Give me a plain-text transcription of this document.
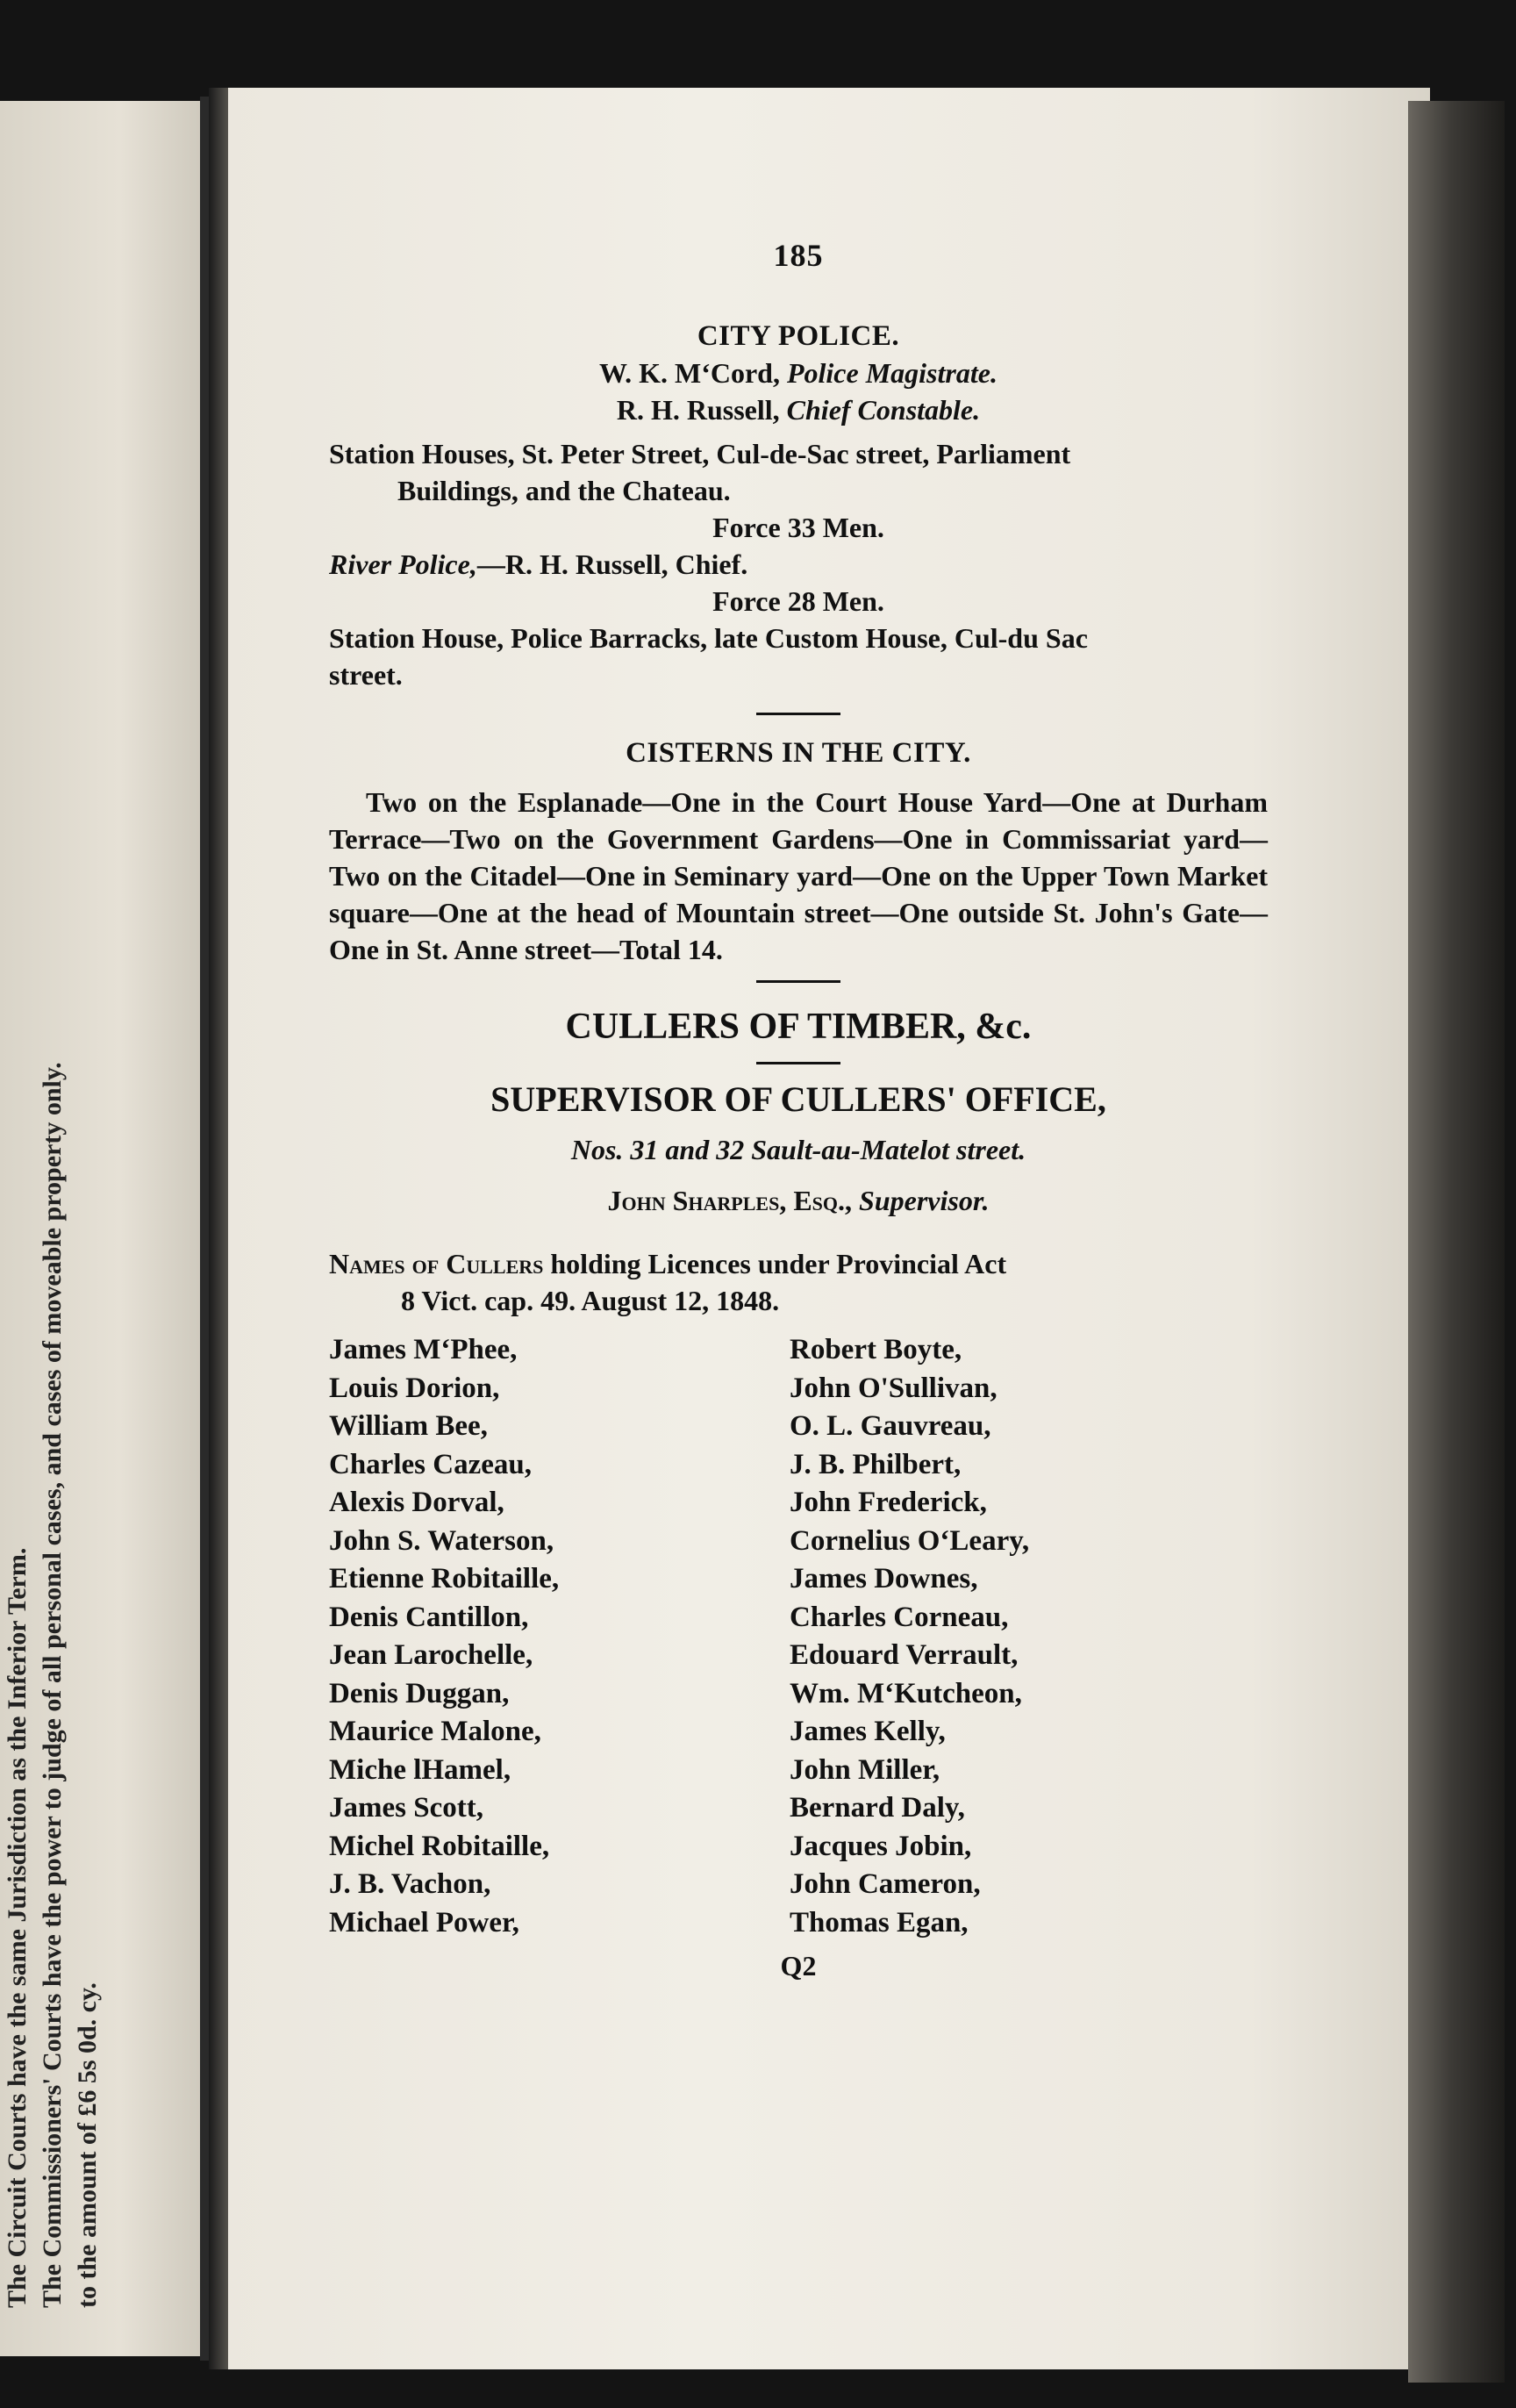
The Circuit Courts have the same Jurisdiction as the Inferior Term. The Commissioners' Courts have the power to judge of all personal cases, and cases of moveable property only. to the amount of £6 5s 0d. cy.
185
CITY POLICE.
W. K. M‘Cord, Police Magistrate.
R. H. Russell, Chief Constable.
Station Houses, St. Peter Street, Cul-de-Sac street, Parliament
Buildings, and the Chateau.
Force 33 Men.
River Police,—R. H. Russell, Chief.
Force 28 Men.
Station House, Police Barracks, late Custom House, Cul-du Sac
street.
CISTERNS IN THE CITY.

Two on the Esplanade—One in the Court House Yard—One at Durham Terrace—Two on the Government Gardens—One in Commissariat yard—Two on the Citadel—One in Seminary yard—One on the Upper Town Market square—One at the head of Mountain street—One outside St. John's Gate—One in St. Anne street—Total 14.

CULLERS OF TIMBER, &c.
SUPERVISOR OF CULLERS' OFFICE,
Nos. 31 and 32 Sault-au-Matelot street.
John Sharples, Esq., Supervisor.
Names of Cullers holding Licences under Provincial Act
8 Vict. cap. 49. August 12, 1848.
James M‘Phee,
Louis Dorion,
William Bee,
Charles Cazeau,
Alexis Dorval,
John S. Waterson,
Etienne Robitaille,
Denis Cantillon,
Jean Larochelle,
Denis Duggan,
Maurice Malone,
Miche lHamel,
James Scott,
Michel Robitaille,
J. B. Vachon,
Michael Power,
Robert Boyte,
John O'Sullivan,
O. L. Gauvreau,
J. B. Philbert,
John Frederick,
Cornelius O‘Leary,
James Downes,
Charles Corneau,
Edouard Verrault,
Wm. M‘Kutcheon,
James Kelly,
John Miller,
Bernard Daly,
Jacques Jobin,
John Cameron,
Thomas Egan,
Q2
